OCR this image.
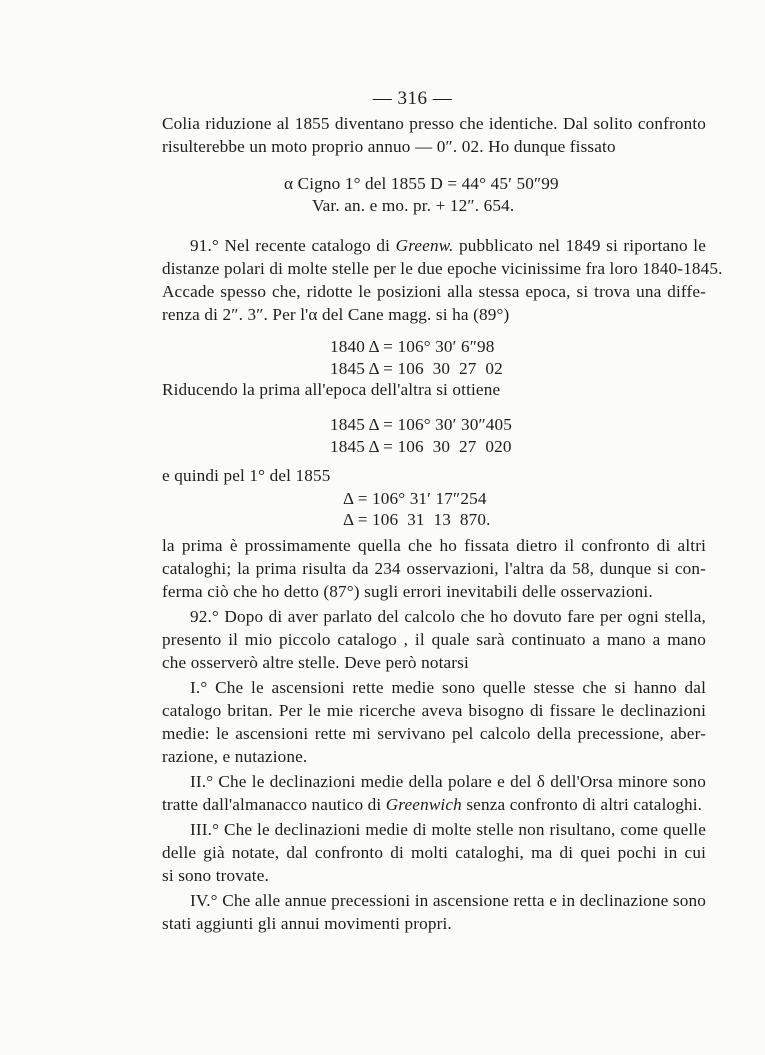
— 316 —
Colia riduzione al 1855 diventano presso che identiche. Dal solito confronto
risulterebbe un moto proprio annuo — 0″. 02. Ho dunque fissato
α Cigno 1° del 1855 D = 44° 45′ 50″99
Var. an. e mo. pr. + 12″. 654.
91.° Nel recente catalogo di Greenw. pubblicato nel 1849 si riportano le
distanze polari di molte stelle per le due epoche vicinissime fra loro 1840-1845.
Accade spesso che, ridotte le posizioni alla stessa epoca, si trova una diffe-
renza di 2″. 3″. Per l'α del Cane magg. si ha (89°)
1840 Δ = 106° 30′ 6″98
1845 Δ = 106  30  27  02
Riducendo la prima all'epoca dell'altra si ottiene
1845 Δ = 106° 30′ 30″405
1845 Δ = 106  30  27  020
e quindi pel 1° del 1855
Δ = 106° 31′ 17″254
Δ = 106  31  13  870.
la prima è prossimamente quella che ho fissata dietro il confronto di altri
cataloghi; la prima risulta da 234 osservazioni, l'altra da 58, dunque si con-
ferma ciò che ho detto (87°) sugli errori inevitabili delle osservazioni.
92.° Dopo di aver parlato del calcolo che ho dovuto fare per ogni stella,
presento il mio piccolo catalogo , il quale sarà continuato a mano a mano
che osserverò altre stelle. Deve però notarsi
I.° Che le ascensioni rette medie sono quelle stesse che si hanno dal
catalogo britan. Per le mie ricerche aveva bisogno di fissare le declinazioni
medie: le ascensioni rette mi servivano pel calcolo della precessione, aber-
razione, e nutazione.
II.° Che le declinazioni medie della polare e del δ dell'Orsa minore sono
tratte dall'almanacco nautico di Greenwich senza confronto di altri cataloghi.
III.° Che le declinazioni medie di molte stelle non risultano, come quelle
delle già notate, dal confronto di molti cataloghi, ma di quei pochi in cui
si sono trovate.
IV.° Che alle annue precessioni in ascensione retta e in declinazione sono
stati aggiunti gli annui movimenti propri.
